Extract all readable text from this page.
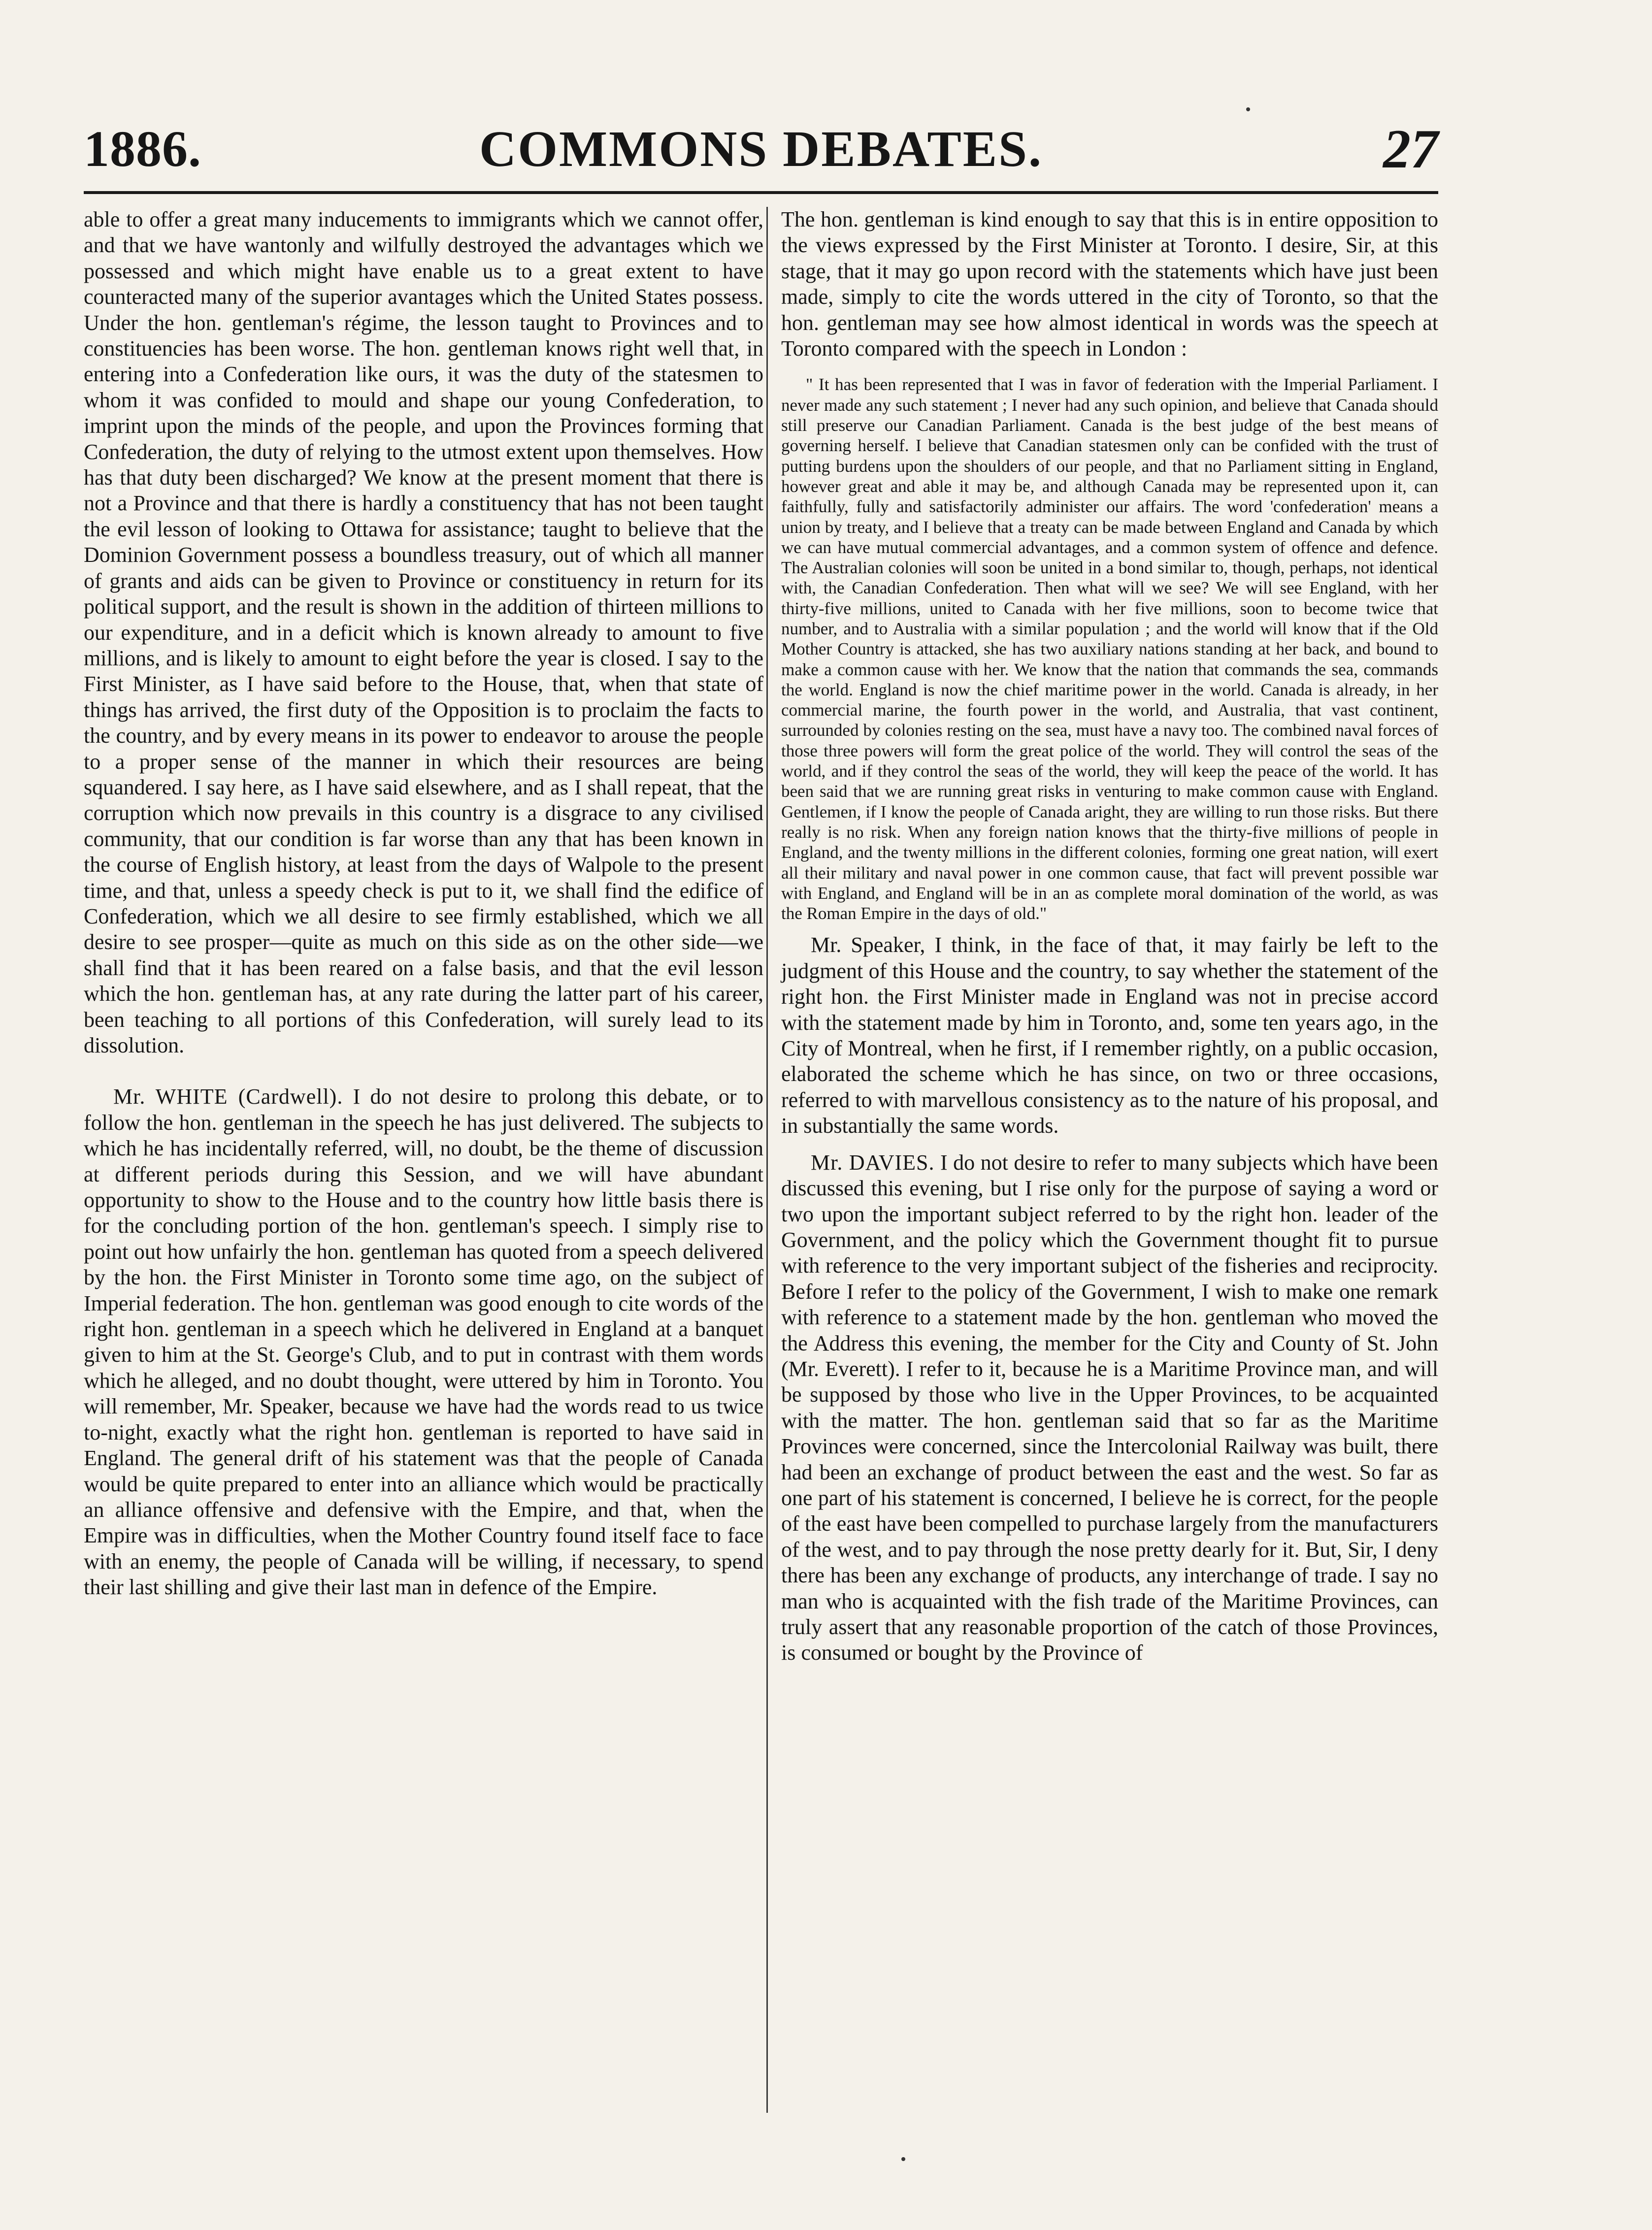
1886.	COMMONS DEBATES.	27

able to offer a great many inducements to immigrants which we cannot offer, and that we have wantonly and wilfully destroyed the advantages which we possessed and which might have enable us to a great extent to have counteracted many of the superior avantages which the United States possess. Under the hon. gentleman's régime, the lesson taught to Provinces and to constituencies has been worse. The hon. gentleman knows right well that, in entering into a Confederation like ours, it was the duty of the statesmen to whom it was confided to mould and shape our young Confederation, to imprint upon the minds of the people, and upon the Provinces forming that Confederation, the duty of relying to the utmost extent upon themselves. How has that duty been discharged? We know at the present moment that there is not a Province and that there is hardly a constituency that has not been taught the evil lesson of looking to Ottawa for assistance; taught to believe that the Dominion Government possess a boundless treasury, out of which all manner of grants and aids can be given to Province or constituency in return for its political support, and the result is shown in the addition of thirteen millions to our expenditure, and in a deficit which is known already to amount to five millions, and is likely to amount to eight before the year is closed. I say to the First Minister, as I have said before to the House, that, when that state of things has arrived, the first duty of the Opposition is to proclaim the facts to the country, and by every means in its power to endeavor to arouse the people to a proper sense of the manner in which their resources are being squandered. I say here, as I have said elsewhere, and as I shall repeat, that the corruption which now prevails in this country is a disgrace to any civilised community, that our condition is far worse than any that has been known in the course of English history, at least from the days of Walpole to the present time, and that, unless a speedy check is put to it, we shall find the edifice of Confederation, which we all desire to see firmly established, which we all desire to see prosper—quite as much on this side as on the other side—we shall find that it has been reared on a false basis, and that the evil lesson which the hon. gentleman has, at any rate during the latter part of his career, been teaching to all portions of this Confederation, will surely lead to its dissolution.

Mr. WHITE (Cardwell). I do not desire to prolong this debate, or to follow the hon. gentleman in the speech he has just delivered. The subjects to which he has incidentally referred, will, no doubt, be the theme of discussion at different periods during this Session, and we will have abundant opportunity to show to the House and to the country how little basis there is for the concluding portion of the hon. gentleman's speech. I simply rise to point out how unfairly the hon. gentleman has quoted from a speech delivered by the hon. the First Minister in Toronto some time ago, on the subject of Imperial federation. The hon. gentleman was good enough to cite words of the right hon. gentleman in a speech which he delivered in England at a banquet given to him at the St. George's Club, and to put in contrast with them words which he alleged, and no doubt thought, were uttered by him in Toronto. You will remember, Mr. Speaker, because we have had the words read to us twice to-night, exactly what the right hon. gentleman is reported to have said in England. The general drift of his statement was that the people of Canada would be quite prepared to enter into an alliance which would be practically an alliance offensive and defensive with the Empire, and that, when the Empire was in difficulties, when the Mother Country found itself face to face with an enemy, the people of Canada will be willing, if necessary, to spend their last shilling and give their last man in defence of the Empire.

The hon. gentleman is kind enough to say that this is in entire opposition to the views expressed by the First Minister at Toronto. I desire, Sir, at this stage, that it may go upon record with the statements which have just been made, simply to cite the words uttered in the city of Toronto, so that the hon. gentleman may see how almost identical in words was the speech at Toronto compared with the speech in London :

" It has been represented that I was in favor of federation with the Imperial Parliament. I never made any such statement ; I never had any such opinion, and believe that Canada should still preserve our Canadian Parliament. Canada is the best judge of the best means of governing herself. I believe that Canadian statesmen only can be confided with the trust of putting burdens upon the shoulders of our people, and that no Parliament sitting in England, however great and able it may be, and although Canada may be represented upon it, can faithfully, fully and satisfactorily administer our affairs. The word 'confederation' means a union by treaty, and I believe that a treaty can be made between England and Canada by which we can have mutual commercial advantages, and a common system of offence and defence. The Australian colonies will soon be united in a bond similar to, though, perhaps, not identical with, the Canadian Confederation. Then what will we see? We will see England, with her thirty-five millions, united to Canada with her five millions, soon to become twice that number, and to Australia with a similar population ; and the world will know that if the Old Mother Country is attacked, she has two auxiliary nations standing at her back, and bound to make a common cause with her. We know that the nation that commands the sea, commands the world. England is now the chief maritime power in the world. Canada is already, in her commercial marine, the fourth power in the world, and Australia, that vast continent, surrounded by colonies resting on the sea, must have a navy too. The combined naval forces of those three powers will form the great police of the world. They will control the seas of the world, and if they control the seas of the world, they will keep the peace of the world. It has been said that we are running great risks in venturing to make common cause with England. Gentlemen, if I know the people of Canada aright, they are willing to run those risks. But there really is no risk. When any foreign nation knows that the thirty-five millions of people in England, and the twenty millions in the different colonies, forming one great nation, will exert all their military and naval power in one common cause, that fact will prevent possible war with England, and England will be in an as complete moral domination of the world, as was the Roman Empire in the days of old."

Mr. Speaker, I think, in the face of that, it may fairly be left to the judgment of this House and the country, to say whether the statement of the right hon. the First Minister made in England was not in precise accord with the statement made by him in Toronto, and, some ten years ago, in the City of Montreal, when he first, if I remember rightly, on a public occasion, elaborated the scheme which he has since, on two or three occasions, referred to with marvellous consistency as to the nature of his proposal, and in substantially the same words.

Mr. DAVIES. I do not desire to refer to many subjects which have been discussed this evening, but I rise only for the purpose of saying a word or two upon the important subject referred to by the right hon. leader of the Government, and the policy which the Government thought fit to pursue with reference to the very important subject of the fisheries and reciprocity. Before I refer to the policy of the Government, I wish to make one remark with reference to a statement made by the hon. gentleman who moved the the Address this evening, the member for the City and County of St. John (Mr. Everett). I refer to it, because he is a Maritime Province man, and will be supposed by those who live in the Upper Provinces, to be acquainted with the matter. The hon. gentleman said that so far as the Maritime Provinces were concerned, since the Intercolonial Railway was built, there had been an exchange of product between the east and the west. So far as one part of his statement is concerned, I believe he is correct, for the people of the east have been compelled to purchase largely from the manufacturers of the west, and to pay through the nose pretty dearly for it. But, Sir, I deny there has been any exchange of products, any interchange of trade. I say no man who is acquainted with the fish trade of the Maritime Provinces, can truly assert that any reasonable proportion of the catch of those Provinces, is consumed or bought by the Province of
